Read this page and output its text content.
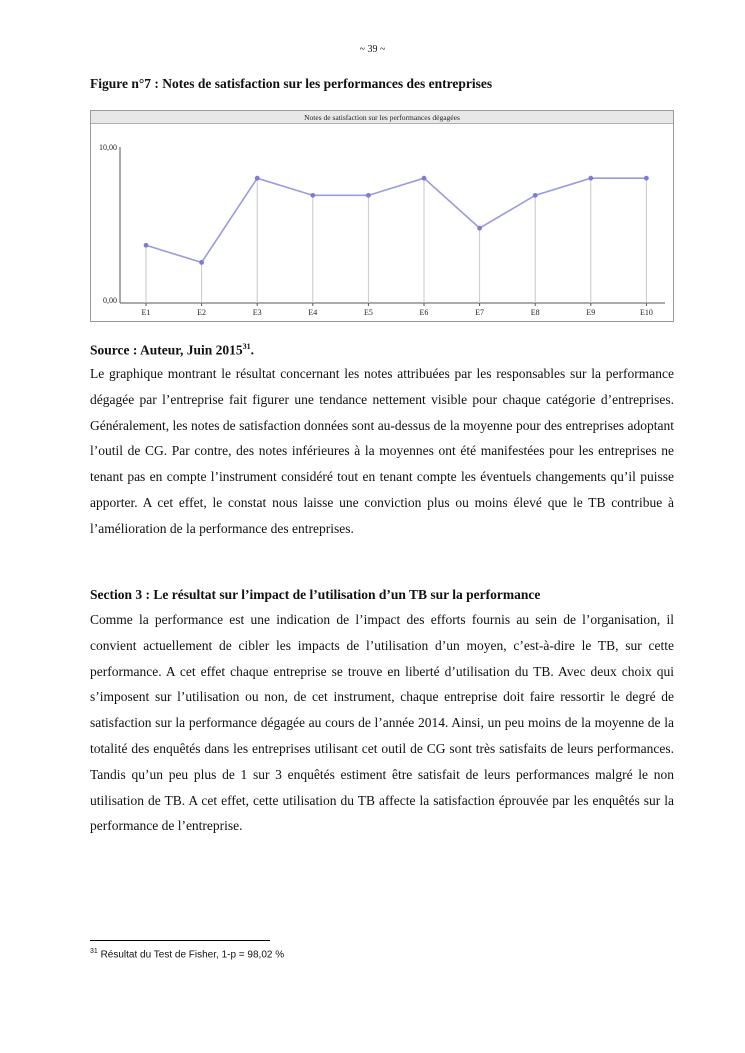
~ 39 ~
Figure n°7 : Notes de satisfaction sur les performances des entreprises
Notes de satisfaction sur les performances dégagées
10,00
0,00
E1	E2	E3	E4	E5	E6	E7	E8	E9	E10
Source : Auteur, Juin 2015$^{31}$.

Le graphique montrant le résultat concernant les notes attribuées par les responsables sur la performance dégagée par l’entreprise fait figurer une tendance nettement visible pour chaque catégorie d’entreprises. Généralement, les notes de satisfaction données sont au-dessus de la moyenne pour des entreprises adoptant l’outil de CG. Par contre, des notes inférieures à la moyennes ont été manifestées pour les entreprises ne tenant pas en compte l’instrument considéré tout en tenant compte les éventuels changements qu’il puisse apporter. A cet effet, le constat nous laisse une conviction plus ou moins élevé que le TB contribue à l’amélioration de la performance des entreprises.

Section 3 : Le résultat sur l’impact de l’utilisation d’un TB sur la performance

Comme la performance est une indication de l’impact des efforts fournis au sein de l’organisation, il convient actuellement de cibler les impacts de l’utilisation d’un moyen, c’est-à-dire le TB, sur cette performance. A cet effet chaque entreprise se trouve en liberté d’utilisation du TB. Avec deux choix qui s’imposent sur l’utilisation ou non, de cet instrument, chaque entreprise doit faire ressortir le degré de satisfaction sur la performance dégagée au cours de l’année 2014. Ainsi, un peu moins de la moyenne de la totalité des enquêtés dans les entreprises utilisant cet outil de CG sont très satisfaits de leurs performances. Tandis qu’un peu plus de 1 sur 3 enquêtés estiment être satisfait de leurs performances malgré le non utilisation de TB. A cet effet, cette utilisation du TB affecte la satisfaction éprouvée par les enquêtés sur la performance de l’entreprise.

$^{31}$ Résultat du Test de Fisher, 1-p = 98,02 %
